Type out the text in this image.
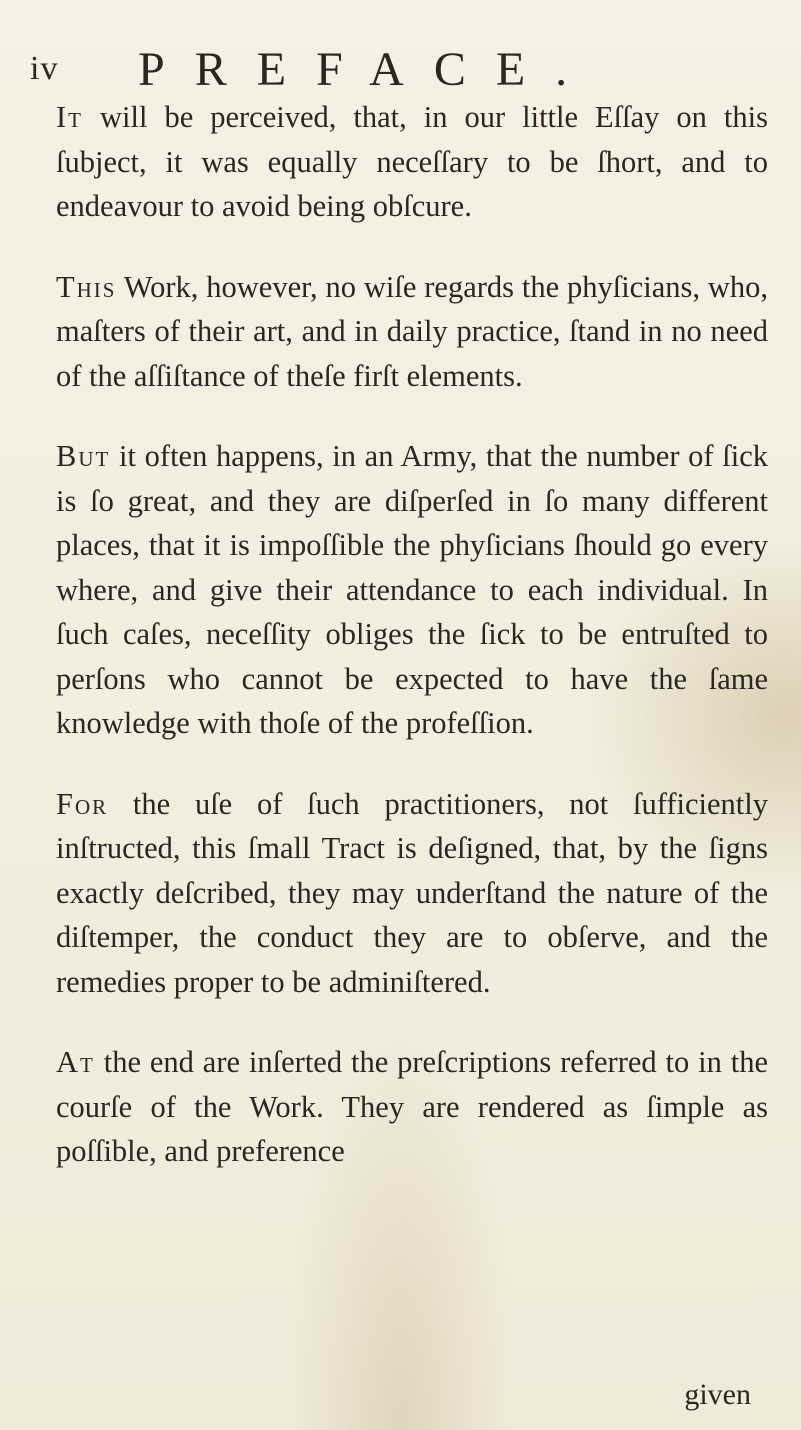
iv PREFACE.

It will be perceived, that, in our little Eſſay on this ſubject, it was equally neceſſary to be ſhort, and to endeavour to avoid being obſcure.

This Work, however, no wiſe regards the phyſicians, who, maſters of their art, and in daily practice, ſtand in no need of the aſſiſtance of theſe firſt elements.

But it often happens, in an Army, that the number of ſick is ſo great, and they are diſperſed in ſo many different places, that it is impoſſible the phyſicians ſhould go every where, and give their attendance to each individual. In ſuch caſes, neceſſity obliges the ſick to be entruſted to perſons who cannot be expected to have the ſame knowledge with thoſe of the profeſſion.

For the uſe of ſuch practitioners, not ſufficiently inſtructed, this ſmall Tract is deſigned, that, by the ſigns exactly deſcribed, they may underſtand the nature of the diſtemper, the conduct they are to obſerve, and the remedies proper to be adminiſtered.

At the end are inſerted the preſcriptions referred to in the courſe of the Work. They are rendered as ſimple as poſſible, and preference

given
